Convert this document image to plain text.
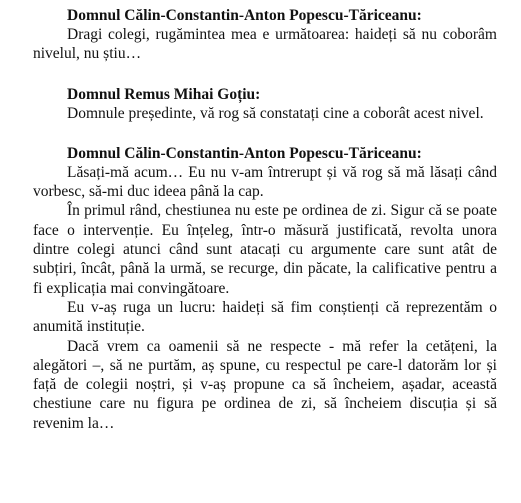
Domnul Călin-Constantin-Anton Popescu-Tăriceanu:

Dragi colegi, rugămintea mea e următoarea: haideți să nu coborâm nivelul, nu știu…

Domnul Remus Mihai Goțiu:

Domnule președinte, vă rog să constatați cine a coborât acest nivel.

Domnul Călin-Constantin-Anton Popescu-Tăriceanu:

Lăsați-mă acum… Eu nu v-am întrerupt și vă rog să mă lăsați când vorbesc, să-mi duc ideea până la cap.

În primul rând, chestiunea nu este pe ordinea de zi. Sigur că se poate face o intervenție. Eu înțeleg, într-o măsură justificată, revolta unora dintre colegi atunci când sunt atacați cu argumente care sunt atât de subțiri, încât, până la urmă, se recurge, din păcate, la calificative pentru a fi explicația mai convingătoare.

Eu v-aș ruga un lucru: haideți să fim conștienți că reprezentăm o anumită instituție.

Dacă vrem ca oamenii să ne respecte - mă refer la cetățeni, la alegători –, să ne purtăm, aș spune, cu respectul pe care-l datorăm lor și față de colegii noștri, și v-aș propune ca să încheiem, așadar, această chestiune care nu figura pe ordinea de zi, să încheiem discuția și să revenim la…
